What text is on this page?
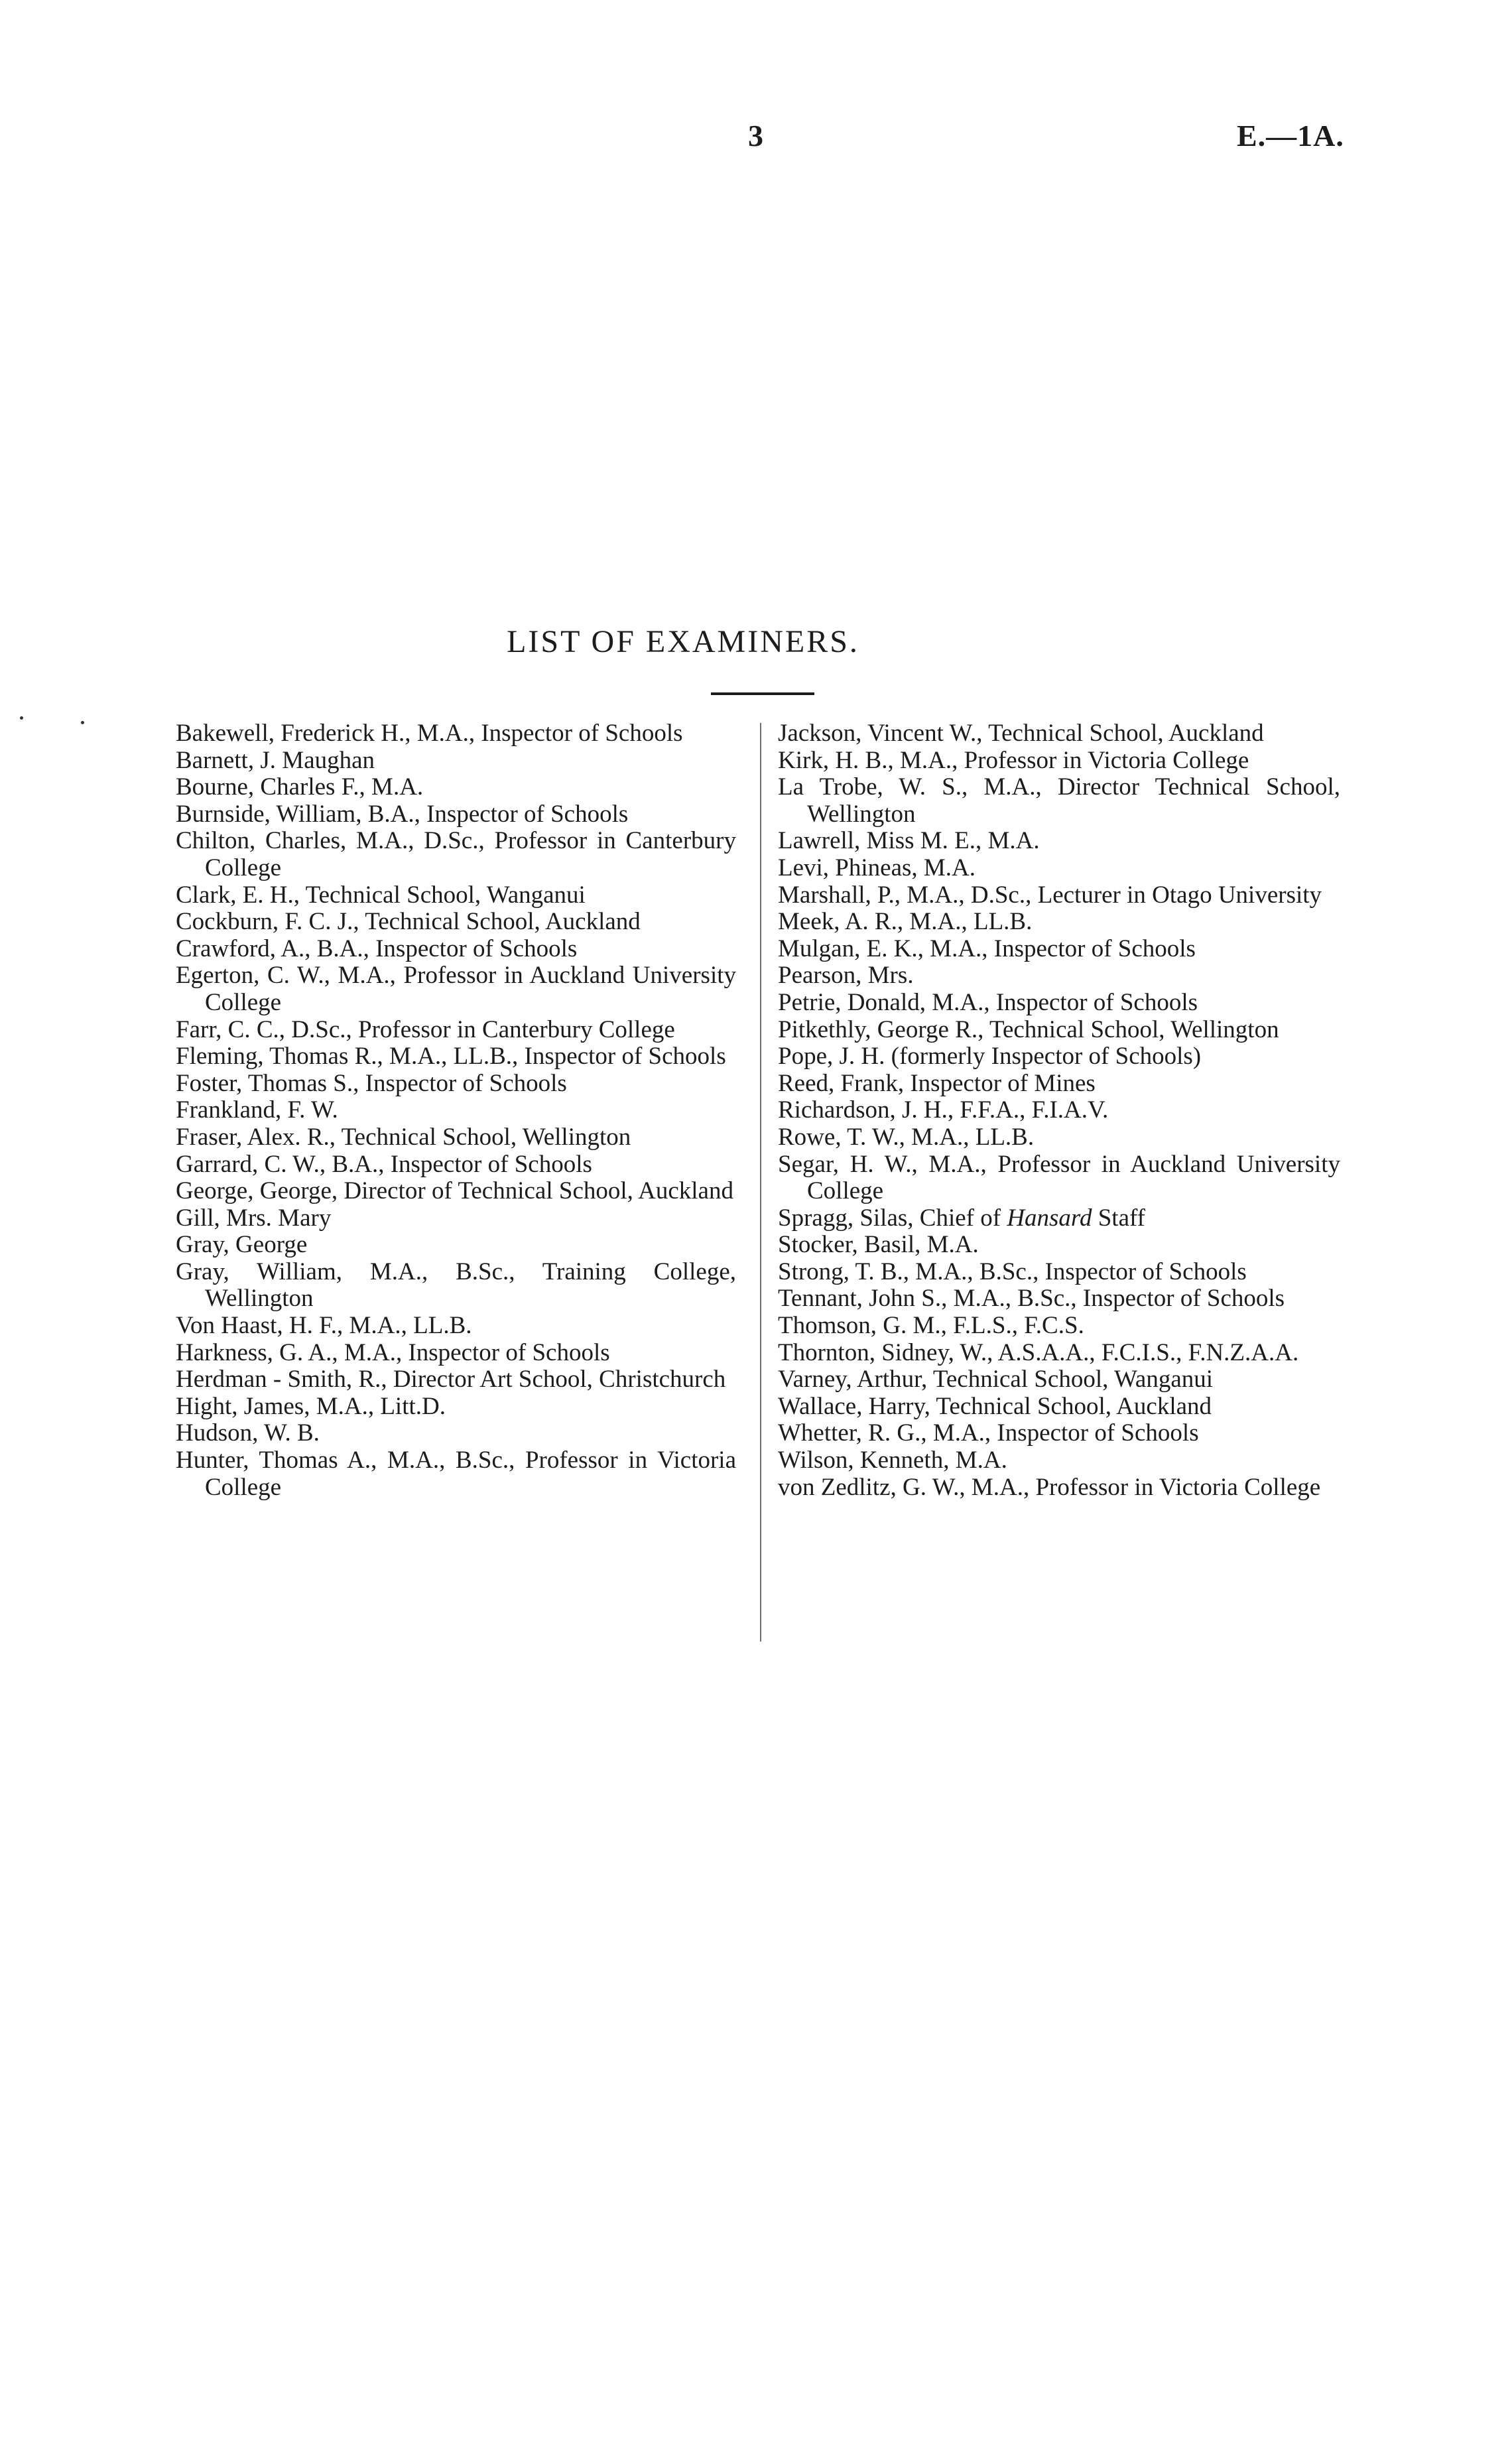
3	E.—1A.
LIST OF EXAMINERS.
Bakewell, Frederick H., M.A., Inspector of Schools
Barnett, J. Maughan
Bourne, Charles F., M.A.
Burnside, William, B.A., Inspector of Schools
Chilton, Charles, M.A., D.Sc., Professor in Canterbury College
Clark, E. H., Technical School, Wanganui
Cockburn, F. C. J., Technical School, Auckland
Crawford, A., B.A., Inspector of Schools
Egerton, C. W., M.A., Professor in Auckland University College
Farr, C. C., D.Sc., Professor in Canterbury College
Fleming, Thomas R., M.A., LL.B., Inspector of Schools
Foster, Thomas S., Inspector of Schools
Frankland, F. W.
Fraser, Alex. R., Technical School, Wellington
Garrard, C. W., B.A., Inspector of Schools
George, George, Director of Technical School, Auckland
Gill, Mrs. Mary
Gray, George
Gray, William, M.A., B.Sc., Training College, Wellington
Von Haast, H. F., M.A., LL.B.
Harkness, G. A., M.A., Inspector of Schools
Herdman - Smith, R., Director Art School, Christchurch
Hight, James, M.A., Litt.D.
Hudson, W. B.
Hunter, Thomas A., M.A., B.Sc., Professor in Victoria College
Jackson, Vincent W., Technical School, Auckland
Kirk, H. B., M.A., Professor in Victoria College
La Trobe, W. S., M.A., Director Technical School, Wellington
Lawrell, Miss M. E., M.A.
Levi, Phineas, M.A.
Marshall, P., M.A., D.Sc., Lecturer in Otago University
Meek, A. R., M.A., LL.B.
Mulgan, E. K., M.A., Inspector of Schools
Pearson, Mrs.
Petrie, Donald, M.A., Inspector of Schools
Pitkethly, George R., Technical School, Wellington
Pope, J. H. (formerly Inspector of Schools)
Reed, Frank, Inspector of Mines
Richardson, J. H., F.F.A., F.I.A.V.
Rowe, T. W., M.A., LL.B.
Segar, H. W., M.A., Professor in Auckland University College
Spragg, Silas, Chief of Hansard Staff
Stocker, Basil, M.A.
Strong, T. B., M.A., B.Sc., Inspector of Schools
Tennant, John S., M.A., B.Sc., Inspector of Schools
Thomson, G. M., F.L.S., F.C.S.
Thornton, Sidney, W., A.S.A.A., F.C.I.S., F.N.Z.A.A.
Varney, Arthur, Technical School, Wanganui
Wallace, Harry, Technical School, Auckland
Whetter, R. G., M.A., Inspector of Schools
Wilson, Kenneth, M.A.
von Zedlitz, G. W., M.A., Professor in Victoria College
